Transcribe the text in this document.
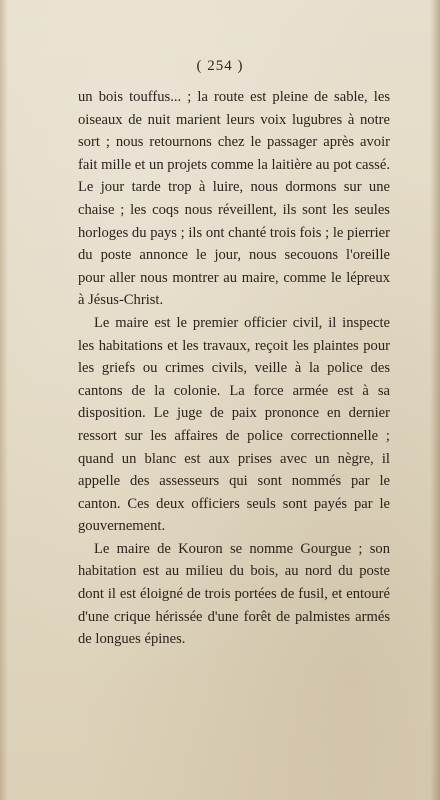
( 254 )

un bois touffus... ; la route est pleine de sable, les oiseaux de nuit marient leurs voix lugubres à notre sort ; nous retournons chez le passager après avoir fait mille et un projets comme la laitière au pot cassé. Le jour tarde trop à luire, nous dormons sur une chaise ; les coqs nous réveillent, ils sont les seules horloges du pays ; ils ont chanté trois fois ; le pierrier du poste annonce le jour, nous secouons l'oreille pour aller nous montrer au maire, comme le lépreux à Jésus-Christ.

Le maire est le premier officier civil, il inspecte les habitations et les travaux, reçoit les plaintes pour les griefs ou crimes civils, veille à la police des cantons de la colonie. La force armée est à sa disposition. Le juge de paix prononce en dernier ressort sur les affaires de police correctionnelle ; quand un blanc est aux prises avec un nègre, il appelle des assesseurs qui sont nommés par le canton. Ces deux officiers seuls sont payés par le gouvernement.

Le maire de Kouron se nomme Gourgue ; son habitation est au milieu du bois, au nord du poste dont il est éloigné de trois portées de fusil, et entouré d'une crique hérissée d'une forêt de palmistes armés de longues épines.
